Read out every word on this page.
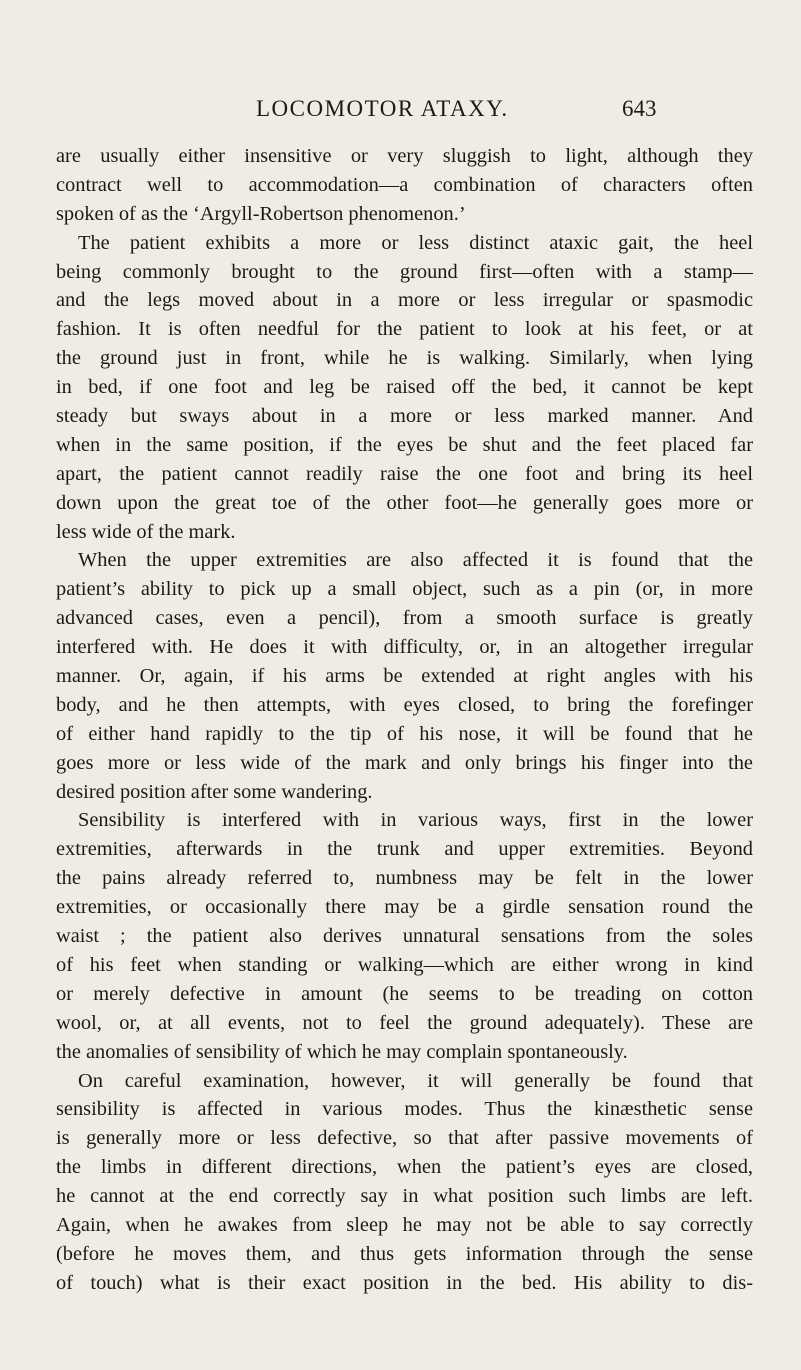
LOCOMOTOR ATAXY.	643
are usually either insensitive or very sluggish to light, although they
contract well to accommodation—a combination of characters often
spoken of as the ‘Argyll-Robertson phenomenon.’
The patient exhibits a more or less distinct ataxic gait, the heel
being commonly brought to the ground first—often with a stamp—
and the legs moved about in a more or less irregular or spasmodic
fashion. It is often needful for the patient to look at his feet, or at
the ground just in front, while he is walking. Similarly, when lying
in bed, if one foot and leg be raised off the bed, it cannot be kept
steady but sways about in a more or less marked manner. And
when in the same position, if the eyes be shut and the feet placed far
apart, the patient cannot readily raise the one foot and bring its heel
down upon the great toe of the other foot—he generally goes more or
less wide of the mark.
When the upper extremities are also affected it is found that the
patient’s ability to pick up a small object, such as a pin (or, in more
advanced cases, even a pencil), from a smooth surface is greatly
interfered with. He does it with difficulty, or, in an altogether irregular
manner. Or, again, if his arms be extended at right angles with his
body, and he then attempts, with eyes closed, to bring the forefinger
of either hand rapidly to the tip of his nose, it will be found that he
goes more or less wide of the mark and only brings his finger into the
desired position after some wandering.
Sensibility is interfered with in various ways, first in the lower
extremities, afterwards in the trunk and upper extremities. Beyond
the pains already referred to, numbness may be felt in the lower
extremities, or occasionally there may be a girdle sensation round the
waist ; the patient also derives unnatural sensations from the soles
of his feet when standing or walking—which are either wrong in kind
or merely defective in amount (he seems to be treading on cotton
wool, or, at all events, not to feel the ground adequately). These are
the anomalies of sensibility of which he may complain spontaneously.
On careful examination, however, it will generally be found that
sensibility is affected in various modes. Thus the kinæsthetic sense
is generally more or less defective, so that after passive movements of
the limbs in different directions, when the patient’s eyes are closed,
he cannot at the end correctly say in what position such limbs are left.
Again, when he awakes from sleep he may not be able to say correctly
(before he moves them, and thus gets information through the sense
of touch) what is their exact position in the bed. His ability to dis-
